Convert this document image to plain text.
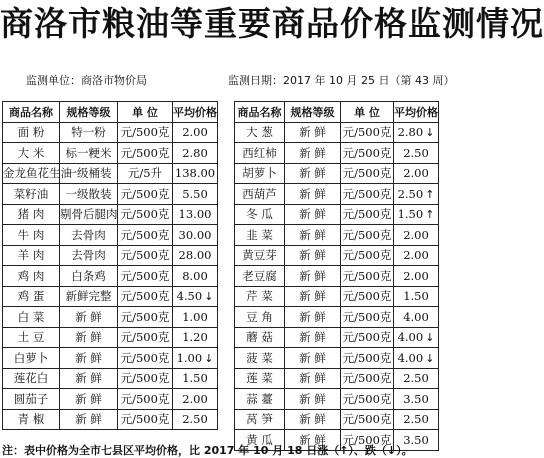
商洛市粮油等重要商品价格监测情况
监测单位：商洛市物价局	监测日期：2017 年 10 月 25 日（第 43 周）
商品名称	规格等级	单 位	平均价格
面 粉	特一粉	元/500克	2.00
大 米	标一粳米	元/500克	2.80
金龙鱼花生油	一级桶装	元/5升	138.00
菜籽油	一级散装	元/500克	5.50
猪 肉	剔骨后腿肉	元/500克	13.00
牛 肉	去骨肉	元/500克	30.00
羊 肉	去骨肉	元/500克	28.00
鸡 肉	白条鸡	元/500克	8.00
鸡 蛋	新鲜完整	元/500克	4.50 ↓
白 菜	新 鲜	元/500克	1.00
土 豆	新 鲜	元/500克	1.20
白萝卜	新 鲜	元/500克	1.00 ↓
莲花白	新 鲜	元/500克	1.50
圆茄子	新 鲜	元/500克	2.00
青 椒	新 鲜	元/500克	2.50
商品名称	规格等级	单 位	平均价格
大 葱	新 鲜	元/500克	2.80 ↓
西红柿	新 鲜	元/500克	2.50
胡萝卜	新 鲜	元/500克	2.00
西葫芦	新 鲜	元/500克	2.50 ↑
冬 瓜	新 鲜	元/500克	1.50 ↑
韭 菜	新 鲜	元/500克	2.00
黄豆芽	新 鲜	元/500克	2.00
老豆腐	新 鲜	元/500克	2.00
芹 菜	新 鲜	元/500克	1.50
豆 角	新 鲜	元/500克	4.00
蘑 菇	新 鲜	元/500克	4.00 ↓
菠 菜	新 鲜	元/500克	4.00 ↓
莲 菜	新 鲜	元/500克	2.50
蒜 薹	新 鲜	元/500克	3.50
莴 笋	新 鲜	元/500克	2.50
黄 瓜	新 鲜	元/500克	3.50
注：表中价格为全市七县区平均价格，比 2017 年 10 月 18 日涨（↑）、跌（↓）。
